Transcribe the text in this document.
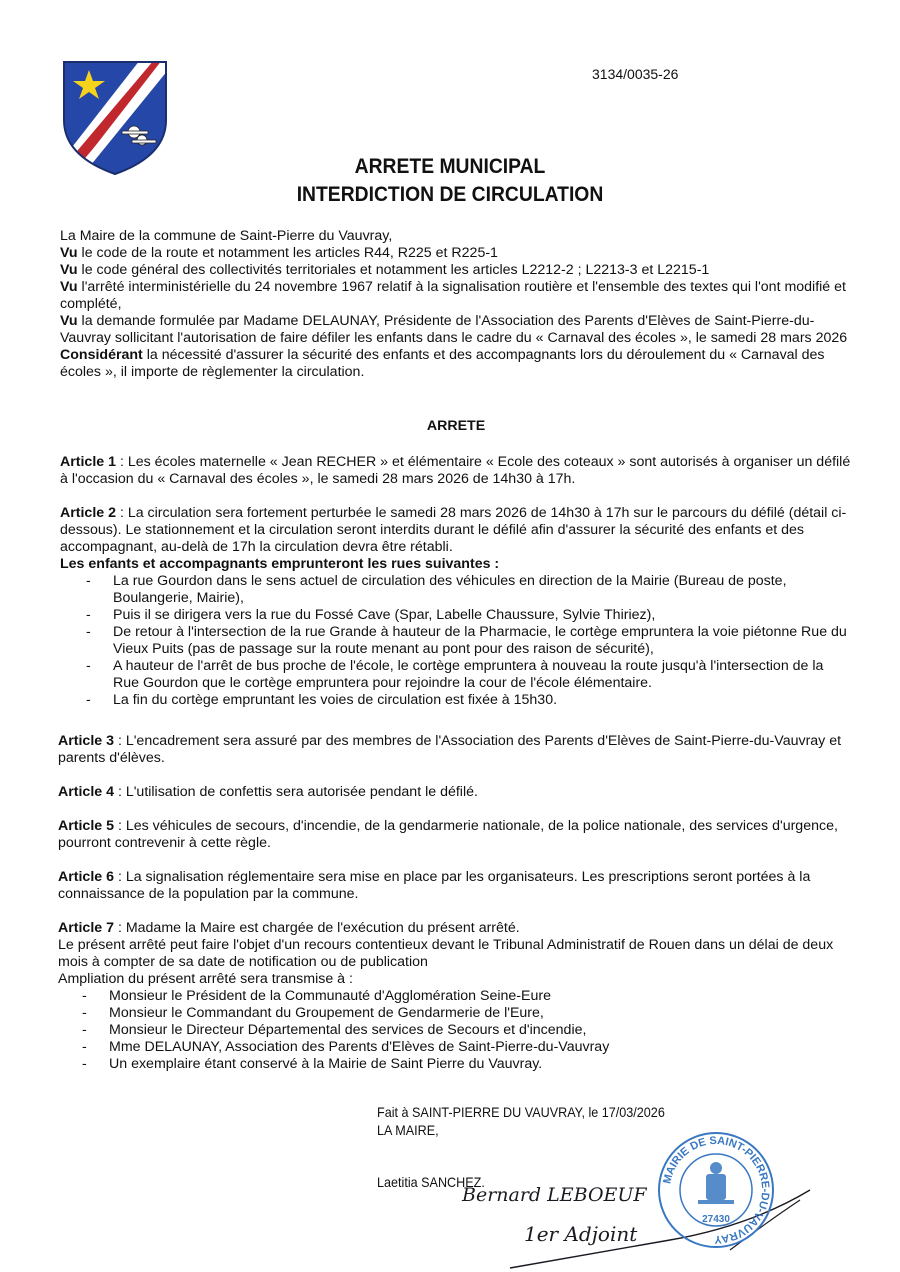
3134/0035-26
ARRETE MUNICIPAL
INTERDICTION DE CIRCULATION

La Maire de la commune de Saint-Pierre du Vauvray,

Vu le code de la route et notamment les articles R44, R225 et R225-1

Vu le code général des collectivités territoriales et notamment les articles L2212-2 ; L2213-3 et L2215-1

Vu l'arrêté interministérielle du 24 novembre 1967 relatif à la signalisation routière et l'ensemble des textes qui l'ont modifié et complété,

Vu la demande formulée par Madame DELAUNAY, Présidente de l'Association des Parents d'Elèves de Saint-Pierre-du-Vauvray sollicitant l'autorisation de faire défiler les enfants dans le cadre du « Carnaval des écoles », le samedi 28 mars 2026

Considérant la nécessité d'assurer la sécurité des enfants et des accompagnants lors du déroulement du « Carnaval des écoles », il importe de règlementer la circulation.

ARRETE

Article 1 : Les écoles maternelle « Jean RECHER » et élémentaire « Ecole des coteaux » sont autorisés à organiser un défilé à l'occasion du « Carnaval des écoles », le samedi 28 mars 2026 de 14h30 à 17h.

Article 2 : La circulation sera fortement perturbée le samedi 28 mars 2026 de 14h30 à 17h sur le parcours du défilé (détail ci-dessous). Le stationnement et la circulation seront interdits durant le défilé afin d'assurer la sécurité des enfants et des accompagnant, au-delà de 17h la circulation devra être rétabli.

Les enfants et accompagnants emprunteront les rues suivantes :

- La rue Gourdon dans le sens actuel de circulation des véhicules en direction de la Mairie (Bureau de poste, Boulangerie, Mairie),
- Puis il se dirigera vers la rue du Fossé Cave (Spar, Labelle Chaussure, Sylvie Thiriez),
- De retour à l'intersection de la rue Grande à hauteur de la Pharmacie, le cortège empruntera la voie piétonne Rue du Vieux Puits (pas de passage sur la route menant au pont pour des raison de sécurité),
- A hauteur de l'arrêt de bus proche de l'école, le cortège empruntera à nouveau la route jusqu'à l'intersection de la Rue Gourdon que le cortège empruntera pour rejoindre la cour de l'école élémentaire.
- La fin du cortège empruntant les voies de circulation est fixée à 15h30.

Article 3 : L'encadrement sera assuré par des membres de l'Association des Parents d'Elèves de Saint-Pierre-du-Vauvray et parents d'élèves.

Article 4 : L'utilisation de confettis sera autorisée pendant le défilé.

Article 5 : Les véhicules de secours, d'incendie, de la gendarmerie nationale, de la police nationale, des services d'urgence, pourront contrevenir à cette règle.

Article 6 : La signalisation réglementaire sera mise en place par les organisateurs. Les prescriptions seront portées à la connaissance de la population par la commune.

Article 7 : Madame la Maire est chargée de l'exécution du présent arrêté.

Le présent arrêté peut faire l'objet d'un recours contentieux devant le Tribunal Administratif de Rouen dans un délai de deux mois à compter de sa date de notification ou de publication

Ampliation du présent arrêté sera transmise à :

- Monsieur le Président de la Communauté d'Agglomération Seine-Eure
- Monsieur le Commandant du Groupement de Gendarmerie de l'Eure,
- Monsieur le Directeur Départemental des services de Secours et d'incendie,
- Mme DELAUNAY, Association des Parents d'Elèves de Saint-Pierre-du-Vauvray
- Un exemplaire étant conservé à la Mairie de Saint Pierre du Vauvray.
Fait à SAINT-PIERRE DU VAUVRAY, le 17/03/2026
LA MAIRE,
Laetitia SANCHEZ.
Bernard LEBOEUF
1er Adjoint
MAIRIE DE SAINT-PIERRE-DU-VAUVRAY
27430
